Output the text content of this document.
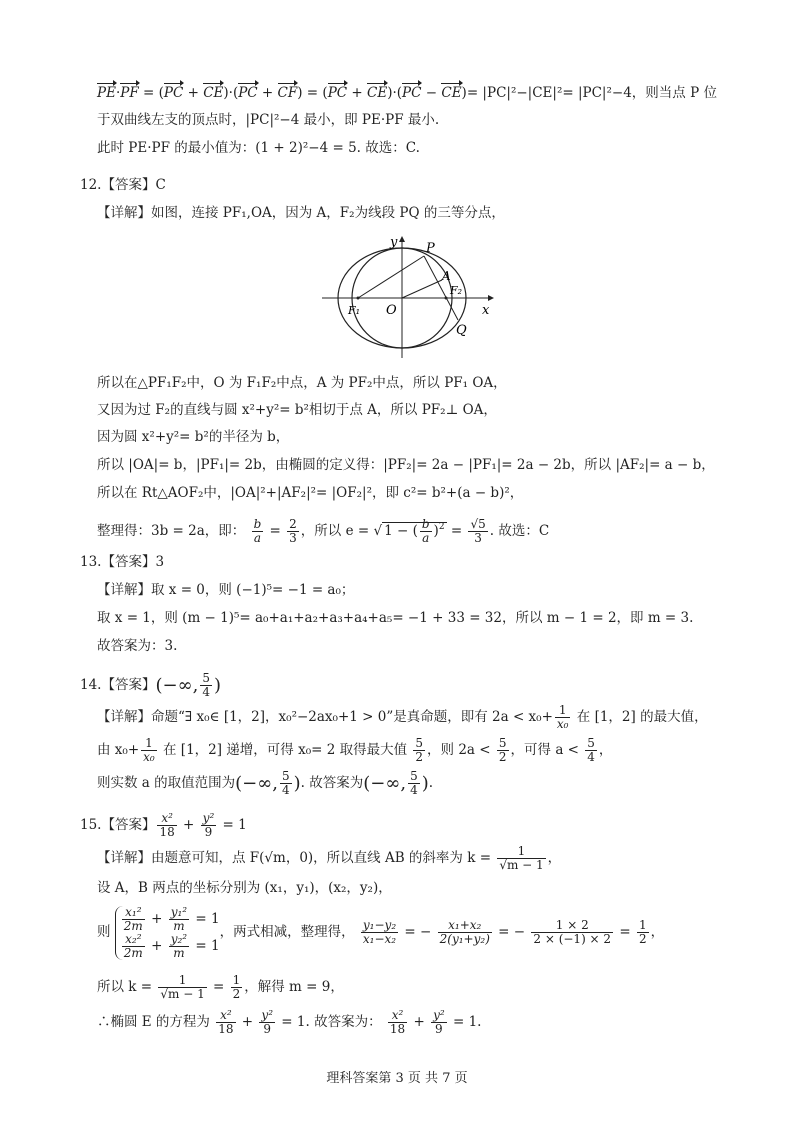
PE·PF = (PC + CE)·(PC + CF) = (PC + CE)·(PC − CE)= |PC|²−|CE|²= |PC|²−4，则当点 P 位
于双曲线左支的顶点时，|PC|²−4 最小，即 PE·PF 最小.
此时 PE·PF 的最小值为：(1 + 2)²−4 = 5. 故选：C.
12.【答案】C
【详解】如图，连接 PF₁,OA，因为 A，F₂为线段 PQ 的三等分点，
y
x
P
A
F₂
F₁ O
Q
所以在△PF₁F₂中，O 为 F₁F₂中点，A 为 PF₂中点，所以 PF₁ OA，
又因为过 F₂的直线与圆 x²+y²= b²相切于点 A，所以 PF₂⊥ OA，
因为圆 x²+y²= b²的半径为 b，
所以 |OA|= b，|PF₁|= 2b，由椭圆的定义得：|PF₂|= 2a − |PF₁|= 2a − 2b，所以 |AF₂|= a − b，
所以在 Rt△AOF₂中，|OA|²+|AF₂|²= |OF₂|²，即 c²= b²+(a − b)²，
整理得：3b = 2a，即： $\frac{b}{a} = \frac{2}{3}$ ，所以 e = √ 1 − ( $\frac{b}{a} )^2 = \frac{√5}{3}$ . 故选：C
13.【答案】3
【详解】取 x = 0，则 (−1)⁵= −1 = a₀；
取 x = 1，则 (m − 1)⁵= a₀+a₁+a₂+a₃+a₄+a₅= −1 + 33 = 32，所以 m − 1 = 2，即 m = 3.
故答案为：3.
14.【答案】(−∞, $\frac{5}{4}$ )
【详解】命题“∃ x₀∈ [1，2]，x₀²−2ax₀+1 > 0”是真命题，即有 $2a < x_0+ \frac{1}{\text{x₀}}$ 在 [1，2] 的最大值，
由 $x_0+ \frac{1}{\text{x₀}}$ 在 [1，2] 递增，可得 x₀= 2 取得最大值 $\frac{5}{2}$ ，则 $2a < \frac{5}{2}$ ，可得 $a < \frac{5}{4}$ ，
则实数 a 的取值范围为(−∞, $\frac{5}{4}$ ). 故答案为(−∞, $\frac{5}{4}$ ).
15.【答案】 $\frac{\text{x²}}{18} + \frac{\text{y²}}{9} = 1$
【详解】由题意可知，点 F(√m，0)，所以直线 AB 的斜率为 $k = \frac{1}{√m - 1}$ ，
设 A，B 两点的坐标分别为 (x₁，y₁)，(x₂，y₂)，
则 $\frac{\text{x₁²}}{2m} + \frac{\text{y₁²}}{m} = 1$
$\frac{\text{x₂²}}{2m} + \frac{\text{y₂²}}{m} = 1$
，两式相减，整理得， $\frac{\text{y₁−y₂}}{\text{x₁−x₂}}$ = − $\frac{\text{x₁+x₂}}{\text{2(y₁+y₂)}}$ = − $\frac{1 \times 2}{2 \times (-1) \times 2} = \frac{1}{2}$ ，
所以 $k = \frac{1}{√m - 1} = \frac{1}{2}$ ，解得 m = 9，
∴椭圆 E 的方程为 $\frac{\text{x²}}{18} + \frac{\text{y²}}{9} = 1$. 故答案为： $\frac{\text{x²}}{18} + \frac{\text{y²}}{9} = 1$.
理科答案第 3 页 共 7 页
